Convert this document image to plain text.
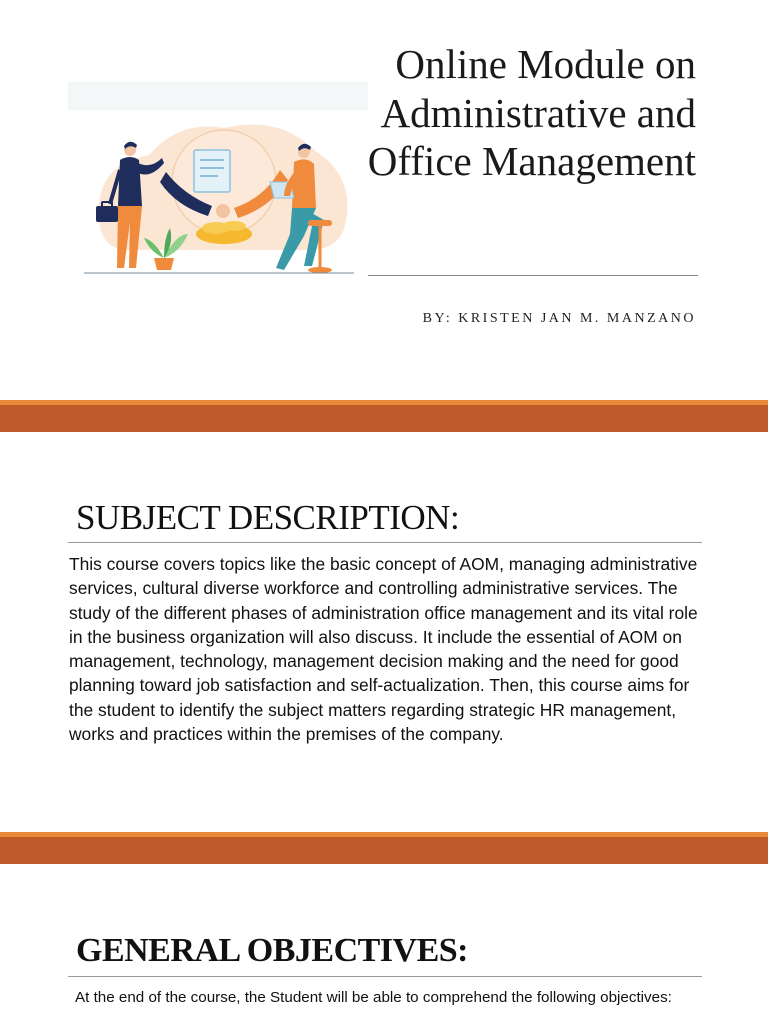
Online Module on Administrative and Office Management

BY: KRISTEN JAN M. MANZANO

SUBJECT DESCRIPTION:

This course covers topics like the basic concept of AOM, managing administrative services, cultural diverse workforce and controlling administrative services. The study of the different phases of administration office management and its vital role in the business organization will also discuss. It include the essential of AOM on management, technology, management decision making and the need for good planning toward job satisfaction and self-actualization. Then, this course aims for the student to identify the subject matters regarding strategic HR management, works and practices within the premises of the company.

GENERAL OBJECTIVES:

At the end of the course, the Student will be able to comprehend the following objectives:
